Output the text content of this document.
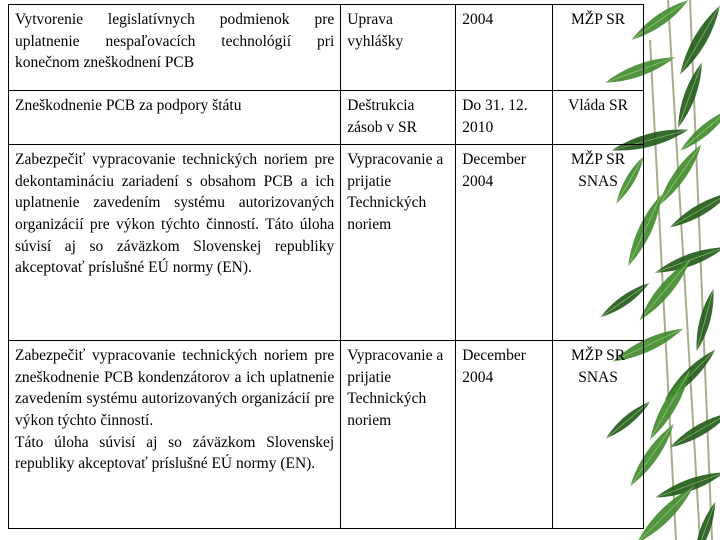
Vytvorenie legislatívnych podmienok pre uplatnenie nespaľovacích technológií pri konečnom zneškodnení PCB	Uprava vyhlášky	2004	MŽP SR

Zneškodnenie PCB za podpory štátu	Deštrukcia zásob v SR	Do 31. 12. 2010	Vláda SR

Zabezpečiť vypracovanie technických noriem pre dekontamináciu zariadení s obsahom PCB a ich uplatnenie zavedením systému autorizovaných organizácií pre výkon týchto činností. Táto úloha súvisí aj so záväzkom Slovenskej republiky akceptovať príslušné EÚ normy (EN).	Vypracovanie a prijatie Technických noriem	December 2004	MŽP SR SNAS

Zabezpečiť vypracovanie technických noriem pre zneškodnenie PCB kondenzátorov a ich uplatnenie zavedením systému autorizovaných organizácií pre výkon týchto činností.
Táto úloha súvisí aj so záväzkom Slovenskej republiky akceptovať príslušné EÚ normy (EN).	Vypracovanie a prijatie Technických noriem	December 2004	MŽP SR SNAS
